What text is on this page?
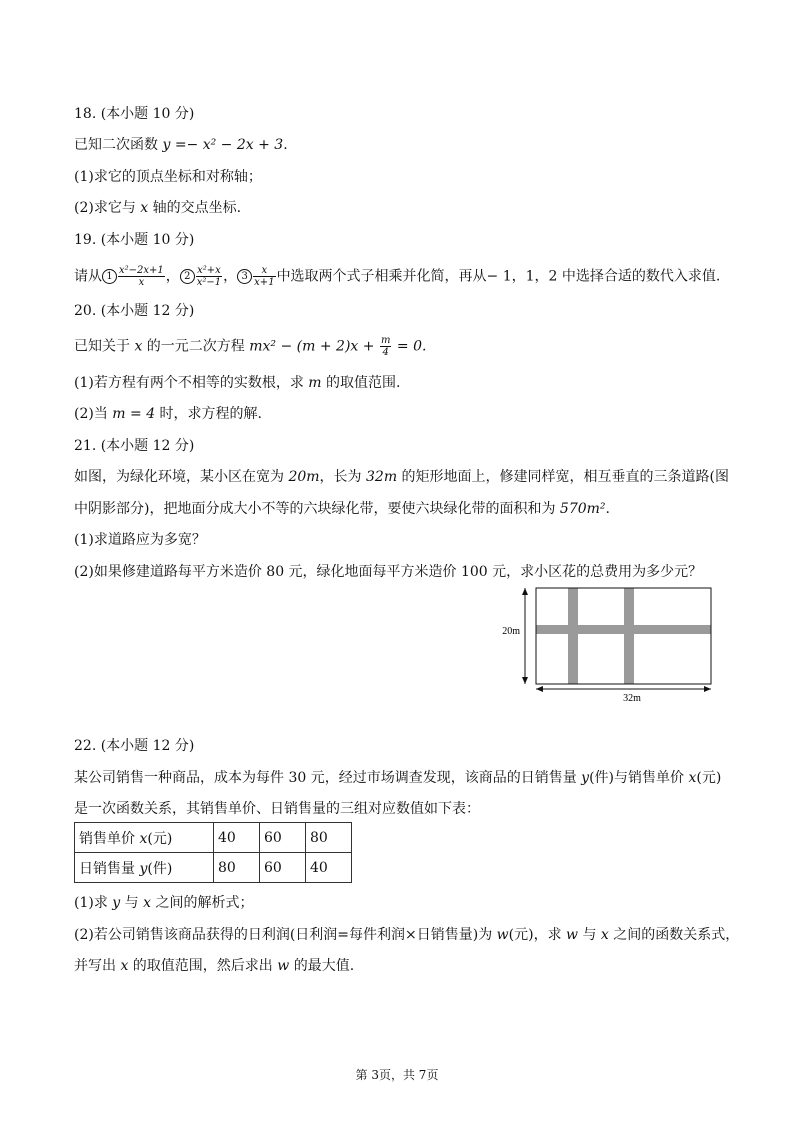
18. (本小题 10 分)
已知二次函数 y =− x² − 2x + 3.
(1)求它的顶点坐标和对称轴；
(2)求它与 x 轴的交点坐标.
19. (本小题 10 分)
请从 $1 \frac{\text{x²−2x+1}}{x}$ ， $2 \frac{\text{x²+x}}{\text{x²−1}}$ ， $3 \frac{x}{x+1}$ 中选取两个式子相乘并化简，再从− 1，1，2 中选择合适的数代入求值.
20. (本小题 12 分)
已知关于 x 的一元二次方程 $mx^2 - (m + 2)x + \frac{m}{4} = 0$.
(1)若方程有两个不相等的实数根，求 m 的取值范围.
(2)当 m = 4 时，求方程的解.
21. (本小题 12 分)
如图，为绿化环境，某小区在宽为 20m，长为 32m 的矩形地面上，修建同样宽，相互垂直的三条道路(图
中阴影部分)，把地面分成大小不等的六块绿化带，要使六块绿化带的面积和为 570m².
(1)求道路应为多宽？
(2)如果修建道路每平方米造价 80 元，绿化地面每平方米造价 100 元，求小区花的总费用为多少元？
20m
32m
22. (本小题 12 分)
某公司销售一种商品，成本为每件 30 元，经过市场调查发现，该商品的日销售量 y(件)与销售单价 x(元)
是一次函数关系，其销售单价、日销售量的三组对应数值如下表：
销售单价 x(元)	40	60	80
日销售量 y(件)	80	60	40
(1)求 y 与 x 之间的解析式；
(2)若公司销售该商品获得的日利润(日利润=每件利润×日销售量)为 w(元)，求 w 与 x 之间的函数关系式，
并写出 x 的取值范围，然后求出 w 的最大值.
第 3页，共 7页
